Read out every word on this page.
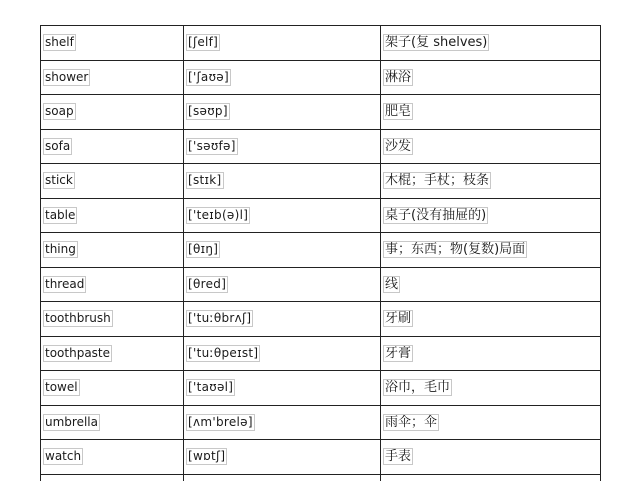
shelf	[ʃelf]	架子(复 shelves)
shower	['ʃaʊə]	淋浴
soap	[səʊp]	肥皂
sofa	['səʊfə]	沙发
stick	[stɪk]	木棍；手杖；枝条
table	['teɪb(ə)l]	桌子(没有抽屉的)
thing	[θɪŋ]	事；东西；物(复数)局面
thread	[θred]	线
toothbrush	['tuːθbrʌʃ]	牙刷
toothpaste	['tuːθpeɪst]	牙膏
towel	['taʊəl]	浴巾，毛巾
umbrella	[ʌm'brelə]	雨伞；伞
watch	[wɒtʃ]	手表
